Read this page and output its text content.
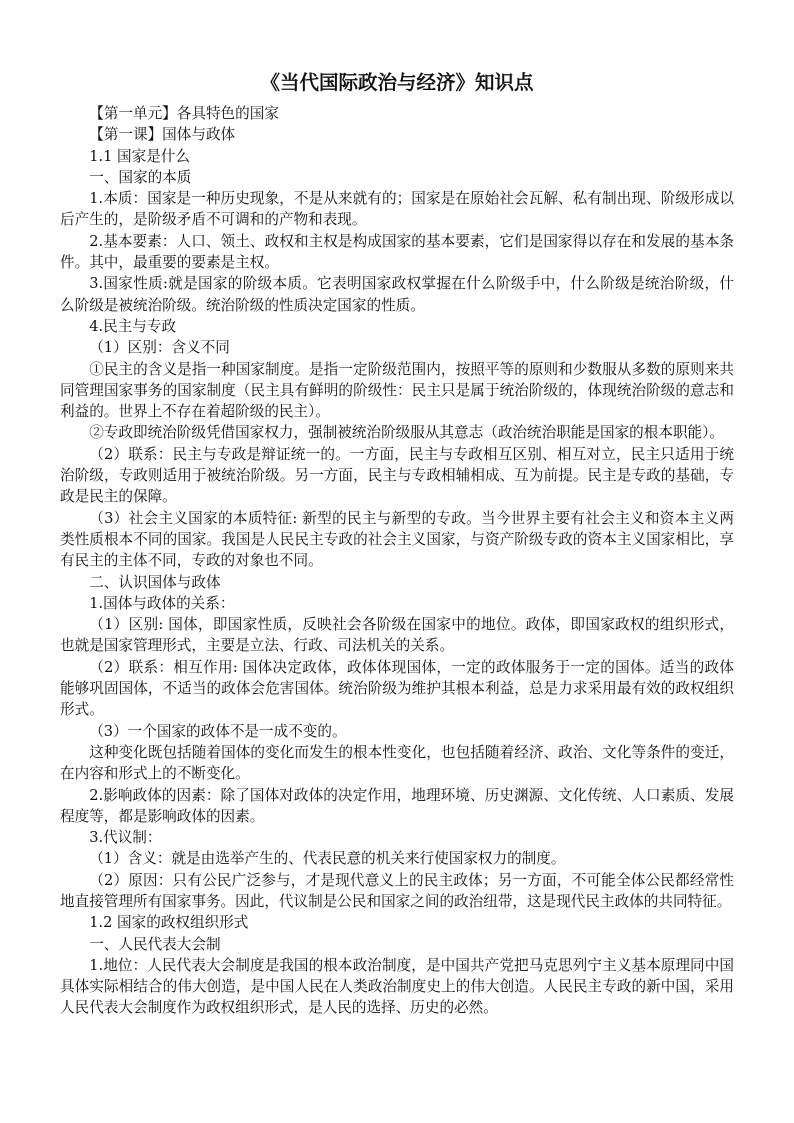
《当代国际政治与经济》知识点

【第一单元】各具特色的国家

【第一课】国体与政体

1.1 国家是什么

一、国家的本质

1.本质：国家是一种历史现象，不是从来就有的；国家是在原始社会瓦解、私有制出现、阶级形成以后产生的，是阶级矛盾不可调和的产物和表现。

2.基本要素：人口、领土、政权和主权是构成国家的基本要素，它们是国家得以存在和发展的基本条件。其中，最重要的要素是主权。

3.国家性质:就是国家的阶级本质。它表明国家政权掌握在什么阶级手中，什么阶级是统治阶级，什么阶级是被统治阶级。统治阶级的性质决定国家的性质。

4.民主与专政

（1）区别：含义不同

①民主的含义是指一种国家制度。是指一定阶级范围内，按照平等的原则和少数服从多数的原则来共同管理国家事务的国家制度（民主具有鲜明的阶级性：民主只是属于统治阶级的，体现统治阶级的意志和利益的。世界上不存在着超阶级的民主）。

②专政即统治阶级凭借国家权力，强制被统治阶级服从其意志（政治统治职能是国家的根本职能）。

（2）联系：民主与专政是辩证统一的。一方面，民主与专政相互区别、相互对立，民主只适用于统治阶级，专政则适用于被统治阶级。另一方面，民主与专政相辅相成、互为前提。民主是专政的基础，专政是民主的保障。

（3）社会主义国家的本质特征: 新型的民主与新型的专政。当今世界主要有社会主义和资本主义两类性质根本不同的国家。我国是人民民主专政的社会主义国家，与资产阶级专政的资本主义国家相比，享有民主的主体不同，专政的对象也不同。

二、认识国体与政体

1.国体与政体的关系：

（1）区别: 国体，即国家性质，反映社会各阶级在国家中的地位。政体，即国家政权的组织形式，也就是国家管理形式，主要是立法、行政、司法机关的关系。

（2）联系：相互作用: 国体决定政体，政体体现国体，一定的政体服务于一定的国体。适当的政体能够巩固国体，不适当的政体会危害国体。统治阶级为维护其根本利益，总是力求采用最有效的政权组织形式。

（3）一个国家的政体不是一成不变的。

这种变化既包括随着国体的变化而发生的根本性变化，也包括随着经济、政治、文化等条件的变迁，在内容和形式上的不断变化。

2.影响政体的因素：除了国体对政体的决定作用，地理环境、历史渊源、文化传统、人口素质、发展程度等，都是影响政体的因素。

3.代议制：

（1）含义：就是由选举产生的、代表民意的机关来行使国家权力的制度。

（2）原因：只有公民广泛参与，才是现代意义上的民主政体；另一方面，不可能全体公民都经常性地直接管理所有国家事务。因此，代议制是公民和国家之间的政治纽带，这是现代民主政体的共同特征。

1.2 国家的政权组织形式

一、人民代表大会制

1.地位：人民代表大会制度是我国的根本政治制度，是中国共产党把马克思列宁主义基本原理同中国具体实际相结合的伟大创造，是中国人民在人类政治制度史上的伟大创造。人民民主专政的新中国，采用人民代表大会制度作为政权组织形式，是人民的选择、历史的必然。
